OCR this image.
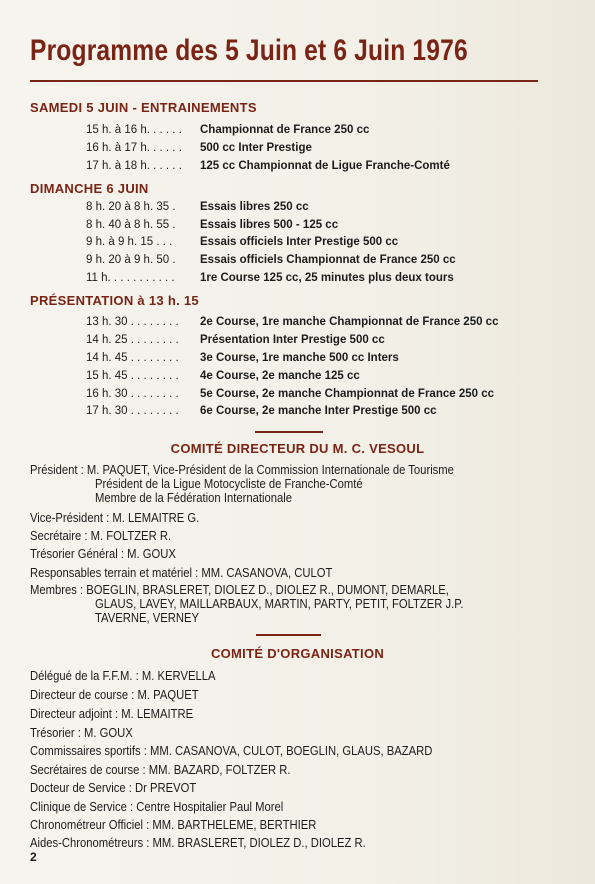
Programme des 5 Juin et 6 Juin 1976
SAMEDI 5 JUIN - ENTRAINEMENTS
15 h. à 16 h. . . . . . Championnat de France 250 cc
16 h. à 17 h. . . . . . 500 cc Inter Prestige
17 h. à 18 h. . . . . . 125 cc Championnat de Ligue Franche-Comté
DIMANCHE 6 JUIN
8 h. 20 à 8 h. 35 . Essais libres 250 cc
8 h. 40 à 8 h. 55 . Essais libres 500 - 125 cc
9 h. à 9 h. 15 . . . Essais officiels Inter Prestige 500 cc
9 h. 20 à 9 h. 50 . Essais officiels Championnat de France 250 cc
11 h. . . . . . . . . . . 1re Course 125 cc, 25 minutes plus deux tours
PRÉSENTATION à 13 h. 15
13 h. 30 . . . . . . . . 2e Course, 1re manche Championnat de France 250 cc
14 h. 25 . . . . . . . . Présentation Inter Prestige 500 cc
14 h. 45 . . . . . . . . 3e Course, 1re manche 500 cc Inters
15 h. 45 . . . . . . . . 4e Course, 2e manche 125 cc
16 h. 30 . . . . . . . . 5e Course, 2e manche Championnat de France 250 cc
17 h. 30 . . . . . . . . 6e Course, 2e manche Inter Prestige 500 cc
COMITÉ DIRECTEUR DU M. C. VESOUL
Président : M. PAQUET, Vice-Président de la Commission Internationale de Tourisme
Président de la Ligue Motocycliste de Franche-Comté
Membre de la Fédération Internationale
Vice-Président : M. LEMAITRE G.
Secrétaire : M. FOLTZER R.
Trésorier Général : M. GOUX
Responsables terrain et matériel : MM. CASANOVA, CULOT
Membres : BOEGLIN, BRASLERET, DIOLEZ D., DIOLEZ R., DUMONT, DEMARLE,
GLAUS, LAVEY, MAILLARBAUX, MARTIN, PARTY, PETIT, FOLTZER J.P.
TAVERNE, VERNEY
COMITÉ D'ORGANISATION
Délégué de la F.F.M. : M. KERVELLA
Directeur de course : M. PAQUET
Directeur adjoint : M. LEMAITRE
Trésorier : M. GOUX
Commissaires sportifs : MM. CASANOVA, CULOT, BOEGLIN, GLAUS, BAZARD
Secrétaires de course : MM. BAZARD, FOLTZER R.
Docteur de Service : Dr PREVOT
Clinique de Service : Centre Hospitalier Paul Morel
Chronométreur Officiel : MM. BARTHELEME, BERTHIER
Aides-Chronométreurs : MM. BRASLERET, DIOLEZ D., DIOLEZ R.
2
